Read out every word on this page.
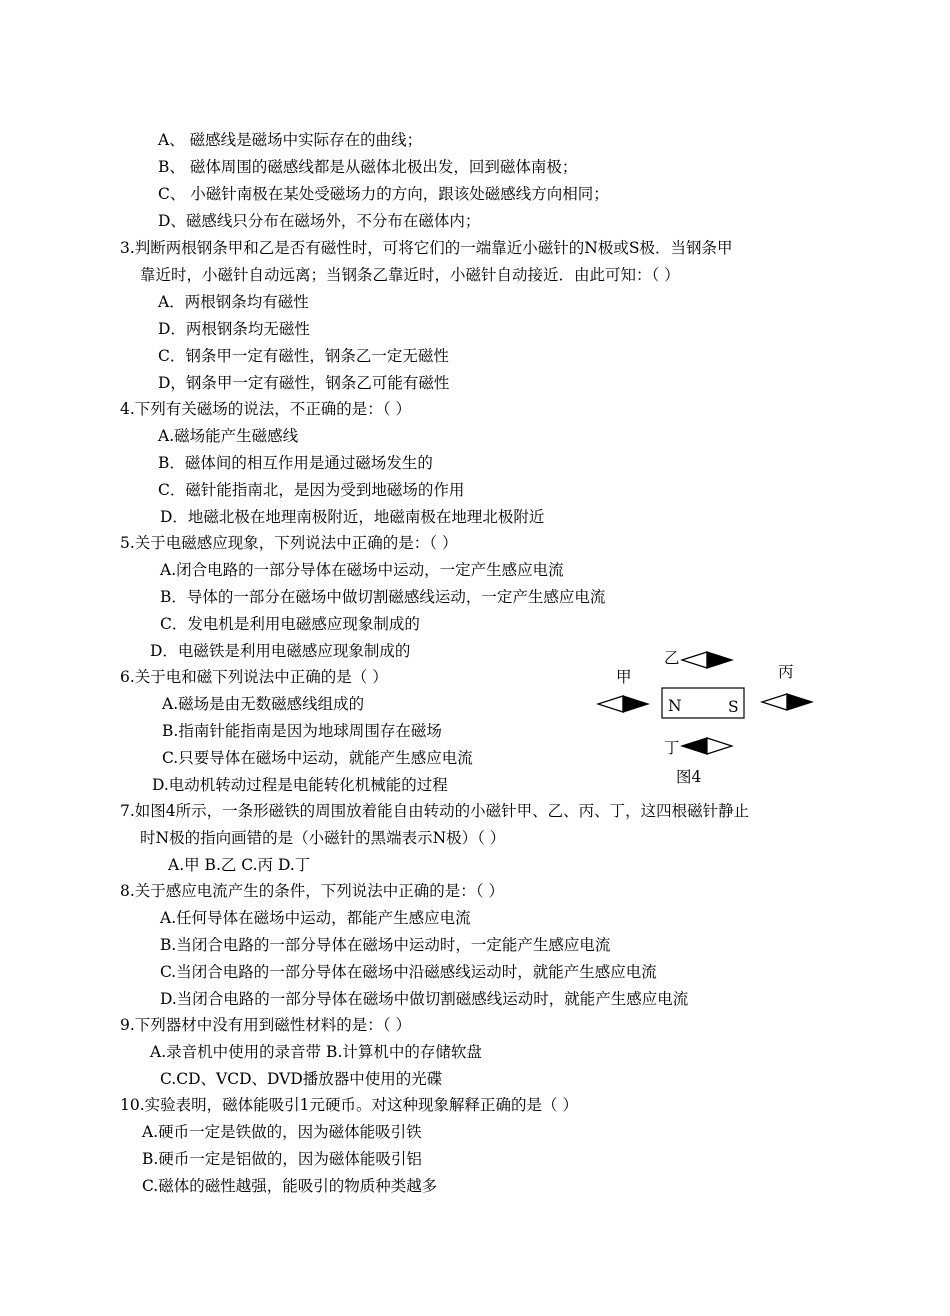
A、 磁感线是磁场中实际存在的曲线；
B、 磁体周围的磁感线都是从磁体北极出发，回到磁体南极；
C、 小磁针南极在某处受磁场力的方向，跟该处磁感线方向相同；
D、磁感线只分布在磁场外，不分布在磁体内；
3.判断两根钢条甲和乙是否有磁性时，可将它们的一端靠近小磁针的N极或S极．当钢条甲
靠近时，小磁针自动远离；当钢条乙靠近时，小磁针自动接近．由此可知：（ ）
A．两根钢条均有磁性
D．两根钢条均无磁性
C．钢条甲一定有磁性，钢条乙一定无磁性
D，钢条甲一定有磁性，钢条乙可能有磁性
4.下列有关磁场的说法，不正确的是：（ ）
A.磁场能产生磁感线
B．磁体间的相互作用是通过磁场发生的
C．磁针能指南北，是因为受到地磁场的作用
D．地磁北极在地理南极附近，地磁南极在地理北极附近
5.关于电磁感应现象，下列说法中正确的是：（ ）
A.闭合电路的一部分导体在磁场中运动，一定产生感应电流
B．导体的一部分在磁场中做切割磁感线运动，一定产生感应电流
C．发电机是利用电磁感应现象制成的
D．电磁铁是利用电磁感应现象制成的
6.关于电和磁下列说法中正确的是（ ）
A.磁场是由无数磁感线组成的
B.指南针能指南是因为地球周围存在磁场
C.只要导体在磁场中运动，就能产生感应电流
D.电动机转动过程是电能转化机械能的过程
7.如图4所示，一条形磁铁的周围放着能自由转动的小磁针甲、乙、丙、丁，这四根磁针静止
时N极的指向画错的是（小磁针的黑端表示N极）（ ）
A.甲 B.乙 C.丙 D.丁
8.关于感应电流产生的条件，下列说法中正确的是：（ ）
A.任何导体在磁场中运动，都能产生感应电流
B.当闭合电路的一部分导体在磁场中运动时，一定能产生感应电流
C.当闭合电路的一部分导体在磁场中沿磁感线运动时，就能产生感应电流
D.当闭合电路的一部分导体在磁场中做切割磁感线运动时，就能产生感应电流
9.下列器材中没有用到磁性材料的是：（ ）
A.录音机中使用的录音带 B.计算机中的存储软盘
C.CD、VCD、DVD播放器中使用的光碟
10.实验表明，磁体能吸引1元硬币。对这种现象解释正确的是（ ）
A.硬币一定是铁做的，因为磁体能吸引铁
B.硬币一定是铝做的，因为磁体能吸引铝
C.磁体的磁性越强，能吸引的物质种类越多
乙
甲	丙
丁
N	S
图4
